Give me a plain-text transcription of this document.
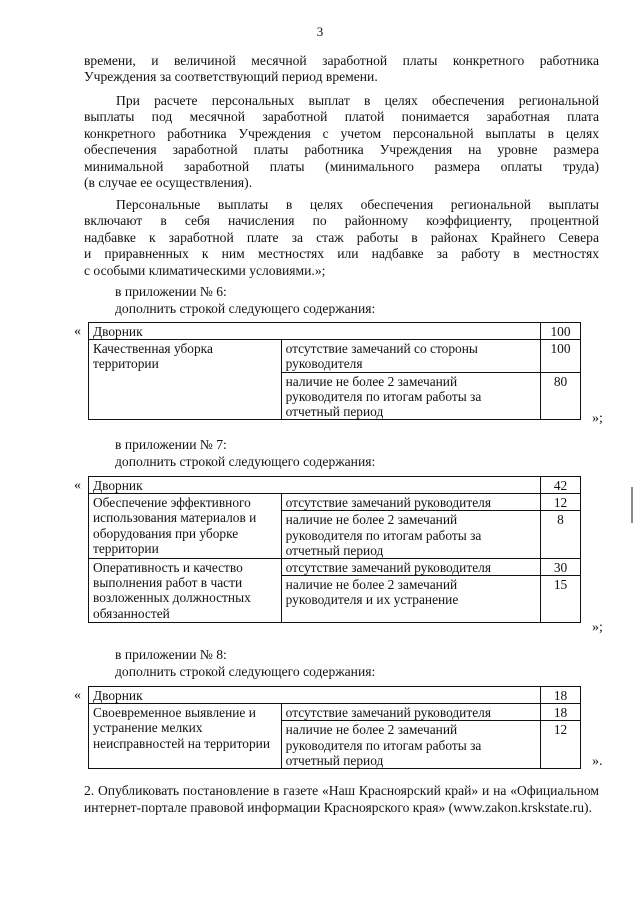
3
времени, и величиной месячной заработной платы конкретного работника
Учреждения за соответствующий период времени.
При расчете персональных выплат в целях обеспечения региональной
выплаты под месячной заработной платой понимается заработная плата
конкретного работника Учреждения с учетом персональной выплаты в целях
обеспечения заработной платы работника Учреждения на уровне размера
минимальной заработной платы (минимального размера оплаты труда)
(в случае ее осуществления).
Персональные выплаты в целях обеспечения региональной выплаты
включают в себя начисления по районному коэффициенту, процентной
надбавке к заработной плате за стаж работы в районах Крайнего Севера
и приравненных к ним местностях или надбавке за работу в местностях
с особыми климатическими условиями.»;
в приложении № 6:
дополнить строкой следующего содержания:
« Дворник		100
Качественная уборка территории	отсутствие замечаний со стороны руководителя	100
	наличие не более 2 замечаний руководителя по итогам работы за отчетный период	80
»;
в приложении № 7:
дополнить строкой следующего содержания:
« Дворник		42
Обеспечение эффективного использования материалов и оборудования при уборке территории	отсутствие замечаний руководителя	12
	наличие не более 2 замечаний руководителя по итогам работы за отчетный период	8
Оперативность и качество выполнения работ в части возложенных должностных обязанностей	отсутствие замечаний руководителя	30
	наличие не более 2 замечаний руководителя и их устранение	15
»;
в приложении № 8:
дополнить строкой следующего содержания:
« Дворник		18
Своевременное выявление и устранение мелких неисправностей на территории	отсутствие замечаний руководителя	18
	наличие не более 2 замечаний руководителя по итогам работы за отчетный период	12
».
2. Опубликовать постановление в газете «Наш Красноярский край» и на «Официальном интернет-портале правовой информации Красноярского края» (www.zakon.krskstate.ru).
